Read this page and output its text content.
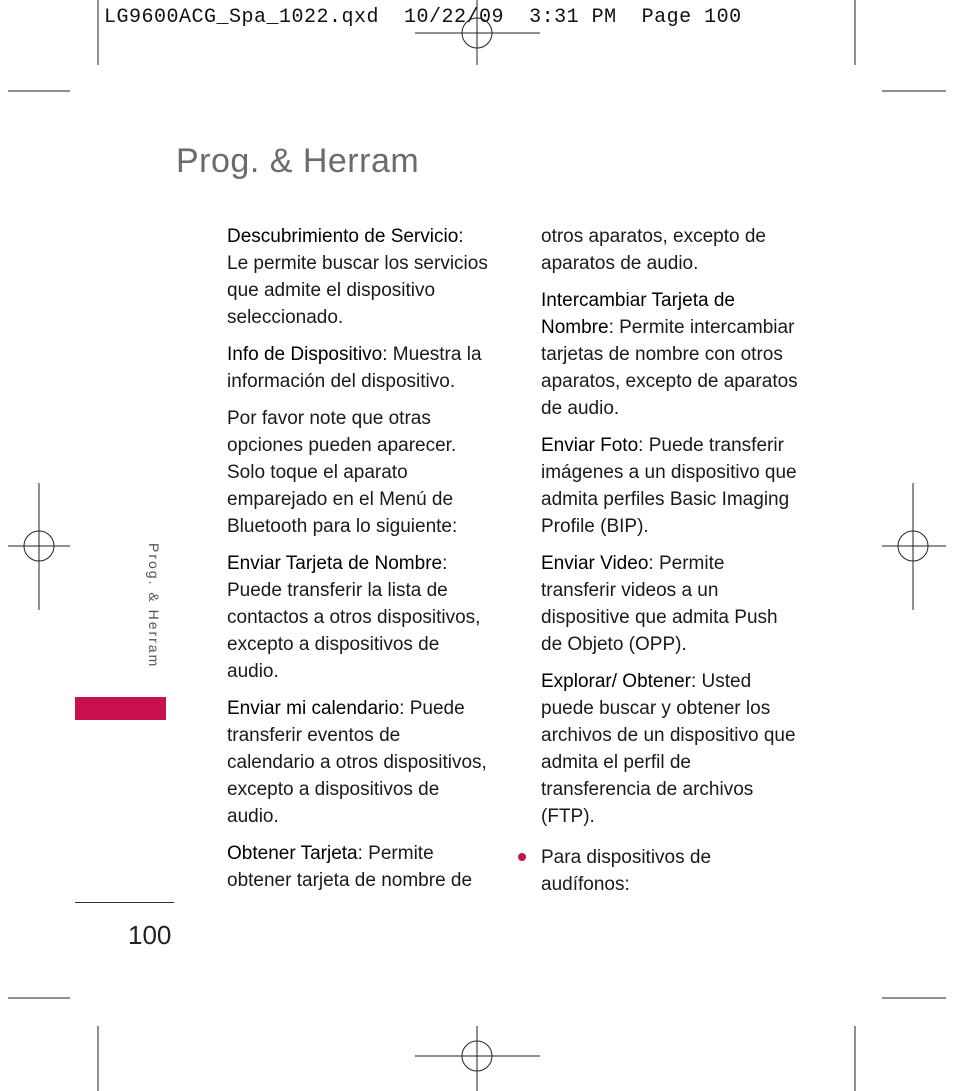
LG9600ACG_Spa_1022.qxd  10/22/09  3:31 PM  Page 100
Prog. & Herram

Descubrimiento de Servicio: Le permite buscar los servicios que admite el dispositivo seleccionado.

Info de Dispositivo: Muestra la información del dispositivo.

Por favor note que otras opciones pueden aparecer. Solo toque el aparato emparejado en el Menú de Bluetooth para lo siguiente:

Enviar Tarjeta de Nombre: Puede transferir la lista de contactos a otros dispositivos, excepto a dispositivos de audio.

Enviar mi calendario: Puede transferir eventos de calendario a otros dispositivos, excepto a dispositivos de audio.

Obtener Tarjeta: Permite obtener tarjeta de nombre de

otros aparatos, excepto de aparatos de audio.

Intercambiar Tarjeta de Nombre: Permite intercambiar tarjetas de nombre con otros aparatos, excepto de aparatos de audio.

Enviar Foto: Puede transferir imágenes a un dispositivo que admita perfiles Basic Imaging Profile (BIP).

Enviar Video: Permite transferir videos a un dispositive que admita Push de Objeto (OPP).

Explorar/ Obtener: Usted puede buscar y obtener los archivos de un dispositivo que admita el perfil de transferencia de archivos (FTP).

Para dispositivos de audífonos:

Prog. & Herram
100
